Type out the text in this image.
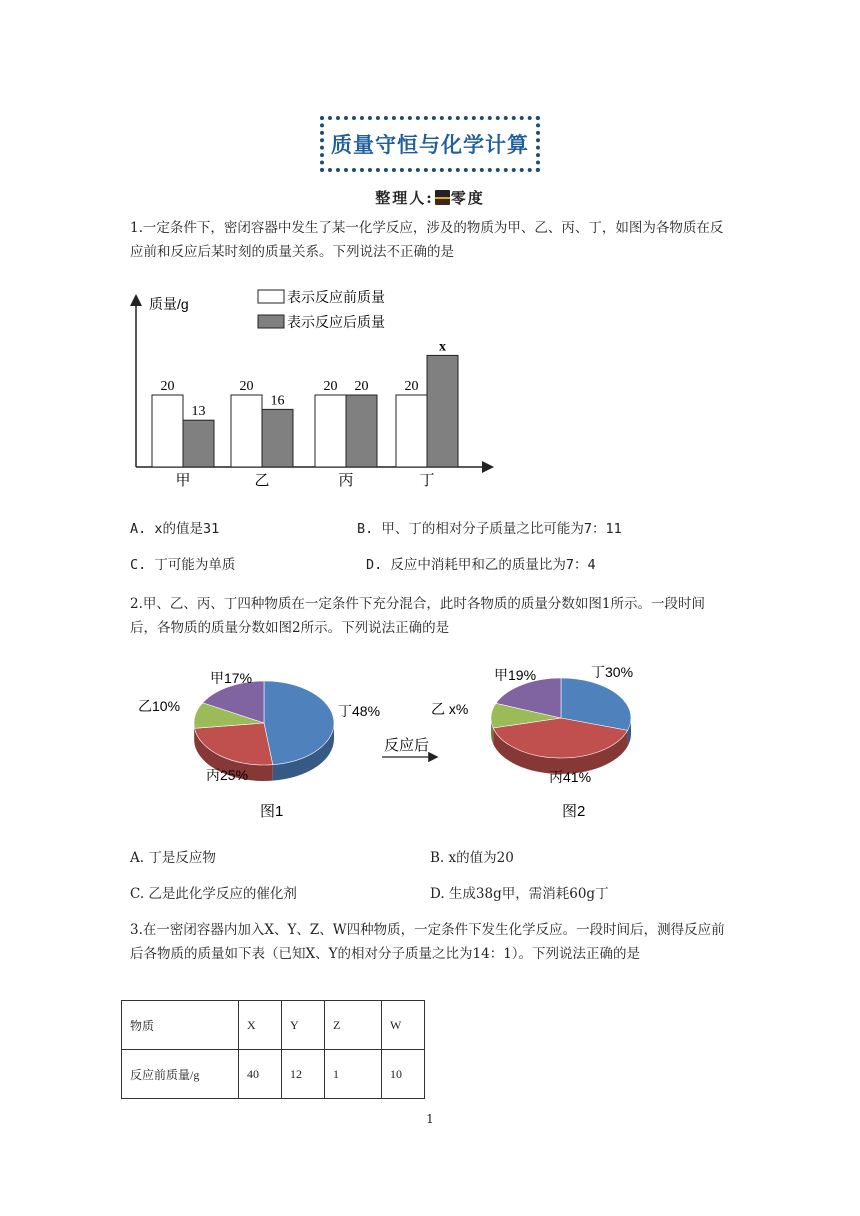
质量守恒与化学计算
整理人: 零度
1.一定条件下，密闭容器中发生了某一化学反应，涉及的物质为甲、乙、丙、丁，如图为各物质在反应前和反应后某时刻的质量关系。下列说法不正确的是
质量/g	表示反应前质量
表示反应后质量
20
13
甲
20
16
乙
20 20
丙
20
x
丁
A. x的值是31	B. 甲、丁的相对分子质量之比可能为7：11
C. 丁可能为单质	D. 反应中消耗甲和乙的质量比为7：4
2.甲、乙、丙、丁四种物质在一定条件下充分混合，此时各物质的质量分数如图1所示。一段时间后，各物质的质量分数如图2所示。下列说法正确的是
丁48%
丙25%
乙10%
甲17%	丁30%
丙41%
乙 x%
甲19%
反应后
图1	图2
A. 丁是反应物	B. x的值为20
C. 乙是此化学反应的催化剂	D. 生成38g甲，需消耗60g丁
3.在一密闭容器内加入X、Y、Z、W四种物质，一定条件下发生化学反应。一段时间后，测得反应前后各物质的质量如下表（已知X、Y的相对分子质量之比为14：1）。下列说法正确的是
物质	X	Y	Z	W
反应前质量/g	40	12	1	10
1
